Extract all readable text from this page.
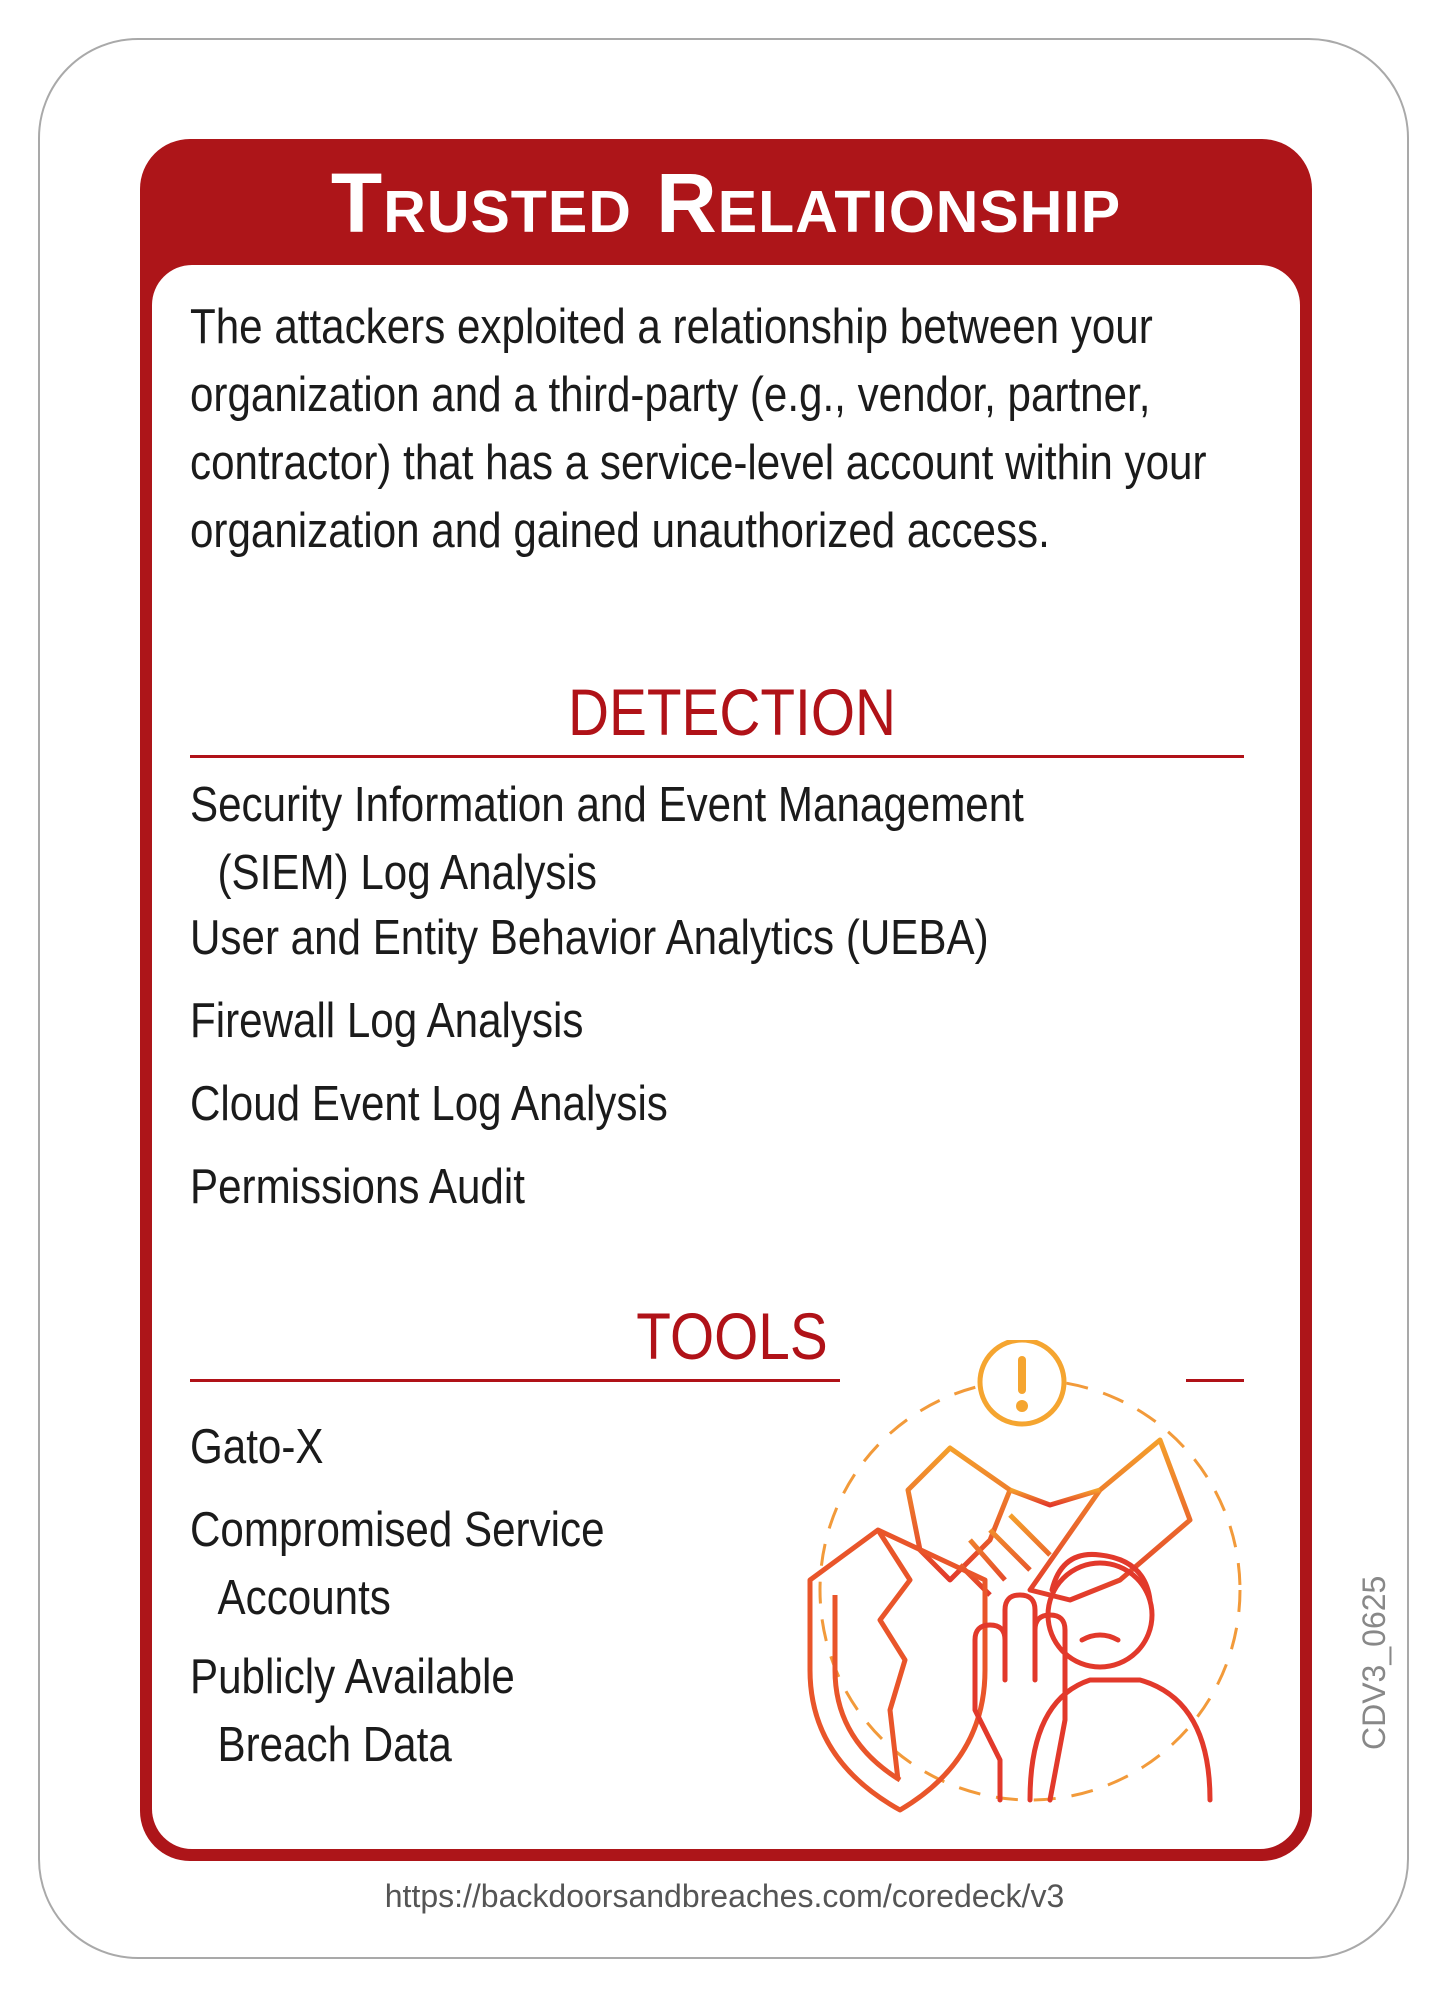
Trusted Relationship
The attackers exploited a relationship between your organization and a third-party (e.g., vendor, partner, contractor) that has a service-level account within your organization and gained unauthorized access.
DETECTION
Security Information and Event Management
(SIEM) Log Analysis
User and Entity Behavior Analytics (UEBA)
Firewall Log Analysis
Cloud Event Log Analysis
Permissions Audit
TOOLS
Gato-X
Compromised Service
Accounts
Publicly Available
Breach Data	CDV3_0625
https://backdoorsandbreaches.com/coredeck/v3
